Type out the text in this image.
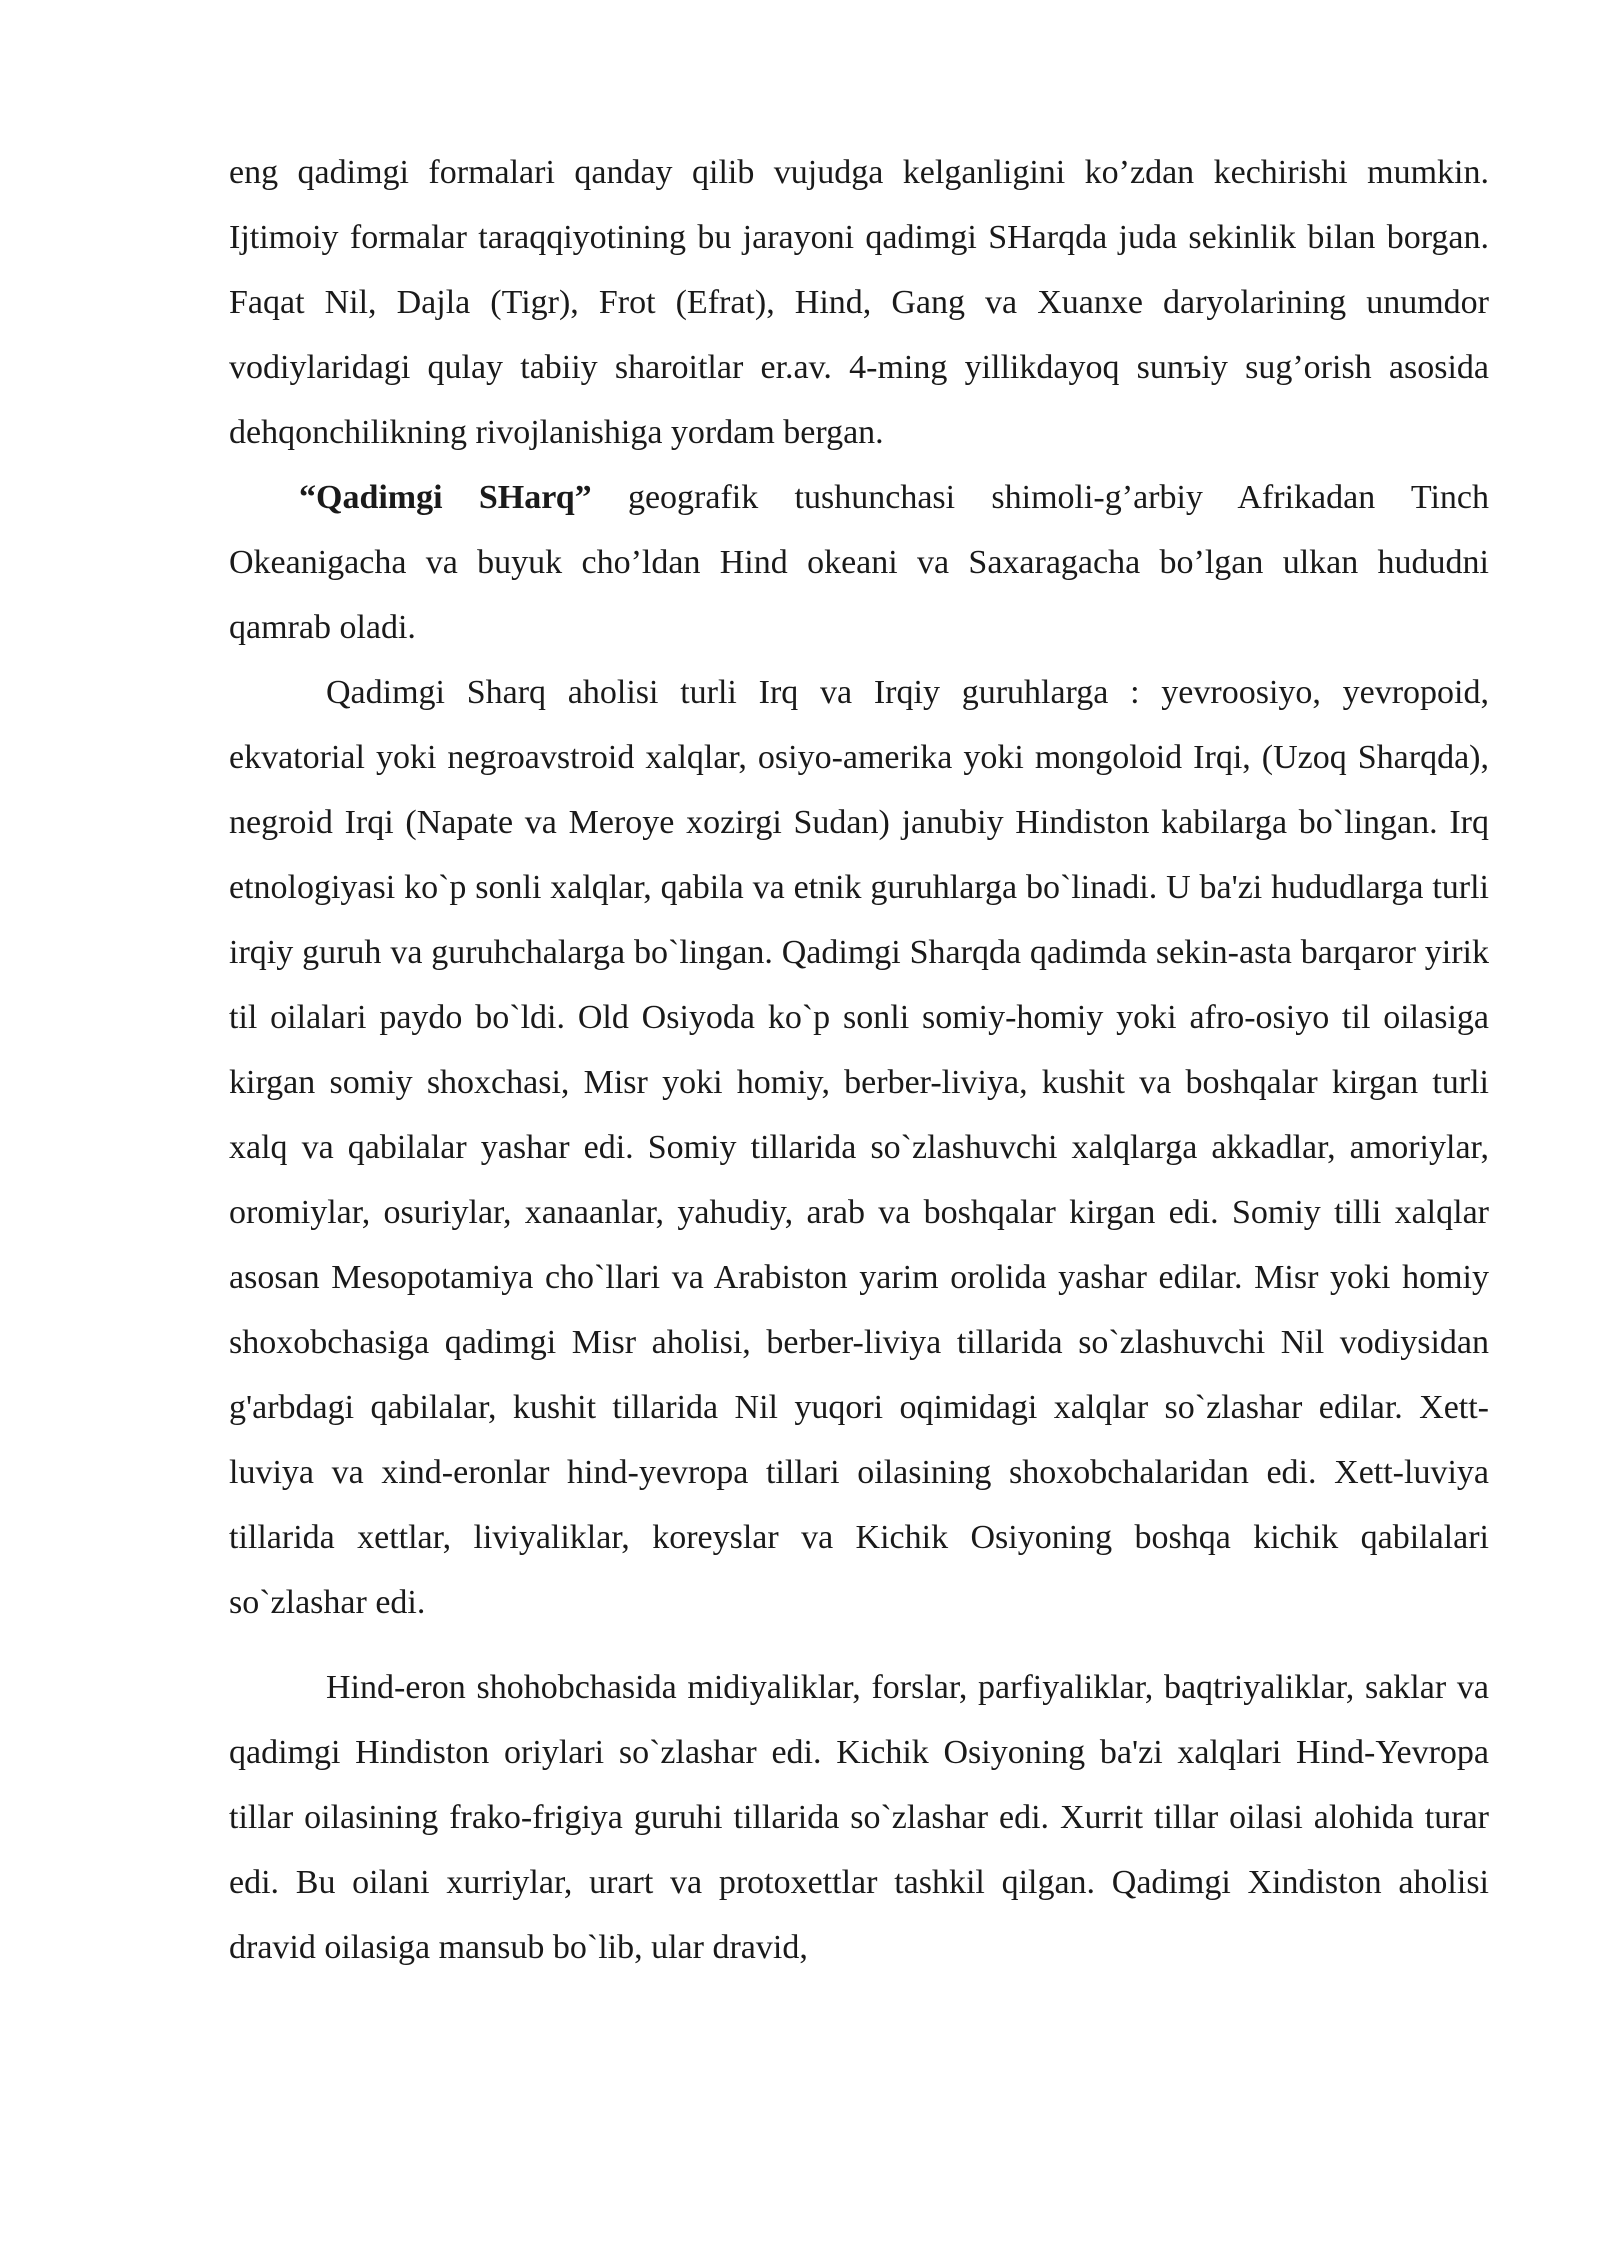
eng qadimgi formalari qanday qilib vujudga kelganligini ko’zdan kechirishi mumkin. Ijtimoiy formalar taraqqiyotining bu jarayoni qadimgi SHarqda juda sekinlik bilan borgan. Faqat Nil, Dajla (Tigr), Frot (Efrat), Hind, Gang va Xuanxe daryolarining unumdor vodiylaridagi qulay tabiiy sharoitlar er.av. 4-ming yillikdayoq sunъiy sug’orish asosida dehqonchilikning rivojlanishiga yordam bergan.

“Qadimgi SHarq” geografik tushunchasi shimoli-g’arbiy Afrikadan Tinch Okeanigacha va buyuk cho’ldan Hind okeani va Saxaragacha bo’lgan ulkan hududni qamrab oladi.

Qadimgi Sharq aholisi turli Irq va Irqiy guruhlarga : yevroosiyo, yevropoid, ekvatorial yoki negroavstroid xalqlar, osiyo-amerika yoki mongoloid Irqi, (Uzoq Sharqda), negroid Irqi (Napate va Meroye xozirgi Sudan) janubiy Hindiston kabilarga bo`lingan. Irq etnologiyasi ko`p sonli xalqlar, qabila va etnik guruhlarga bo`linadi. U ba'zi hududlarga turli irqiy guruh va guruhchalarga bo`lingan. Qadimgi Sharqda qadimda sekin-asta barqaror yirik til oilalari paydo bo`ldi. Old Osiyoda ko`p sonli somiy-homiy yoki afro-osiyo til oilasiga kirgan somiy shoxchasi, Misr yoki homiy, berber-liviya, kushit va boshqalar kirgan turli xalq va qabilalar yashar edi. Somiy tillarida so`zlashuvchi xalqlarga akkadlar, amoriylar, oromiylar, osuriylar, xanaanlar, yahudiy, arab va boshqalar kirgan edi. Somiy tilli xalqlar asosan Mesopotamiya cho`llari va Arabiston yarim orolida yashar edilar. Misr yoki homiy shoxobchasiga qadimgi Misr aholisi, berber-liviya tillarida so`zlashuvchi Nil vodiysidan g'arbdagi qabilalar, kushit tillarida Nil yuqori oqimidagi xalqlar so`zlashar edilar. Xett-luviya va xind-eronlar hind-yevropa tillari oilasining shoxobchalaridan edi. Xett-luviya tillarida xettlar, liviyaliklar, koreyslar va Kichik Osiyoning boshqa kichik qabilalari so`zlashar edi.

Hind-eron shohobchasida midiyaliklar, forslar, parfiyaliklar, baqtriyaliklar, saklar va qadimgi Hindiston oriylari so`zlashar edi. Kichik Osiyoning ba'zi xalqlari Hind-Yevropa tillar oilasining frako-frigiya guruhi tillarida so`zlashar edi. Xurrit tillar oilasi alohida turar edi. Bu oilani xurriylar, urart va protoxettlar tashkil qilgan. Qadimgi Xindiston aholisi dravid oilasiga mansub bo`lib, ular dravid,
